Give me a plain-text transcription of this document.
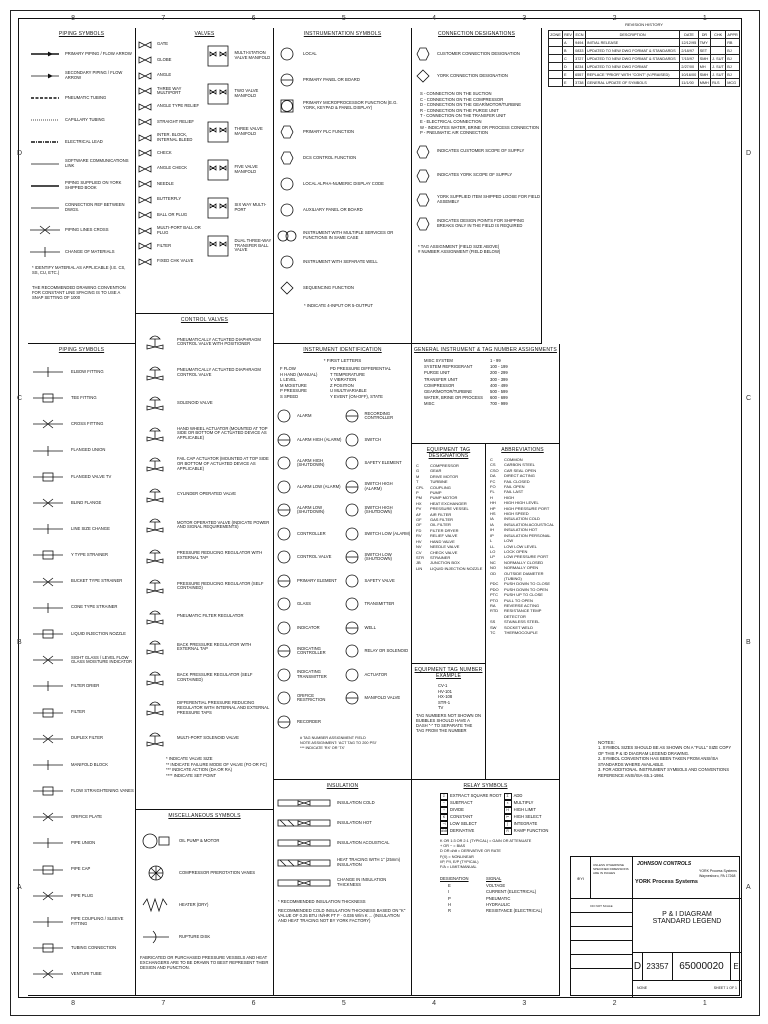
8
8
7
7
6
6
5
5
4
4
3
3
2
2
1
1
D	D
C	C
B	B
A	A
PIPING SYMBOLS
PRIMARY PIPING / FLOW ARROW
SECONDARY PIPING / FLOW ARROW
PNEUMATIC TUBING
CAPILLARY TUBING
ELECTRICAL LEAD
SOFTWARE COMMUNICATIONS LINK
PIPING SUPPLIED ON YORK SHIPPED BOOK
CONNECTION REF BETWEEN DWGS.
PIPING LINES CROSS
CHANGE OF MATERIALS
* IDENTIFY MATERIAL AS APPLICABLE (I.E. CS, SS, CU, ETC.)
THE RECOMMENDED DRAWING CONVENTION FOR CONSTANT LINE SPACING IS TO USE A SNAP SETTING OF 1000
VALVES
GATE
GLOBE
ANGLE
THREE WAY MULTIPORT
ANGLE TYPE RELIEF
STRAIGHT RELIEF
INTER. BLOCK, INTERNAL BLEED
CHECK
ANGLE CHECK
NEEDLE
BUTTERFLY
BALL OR PLUG
MULTI-PORT BALL OR PLUG
FILTER
FIXED CHK VALVE
MULTI-STATION VALVE MANIFOLD
TWO VALVE MANIFOLD
THREE VALVE MANIFOLD
FIVE VALVE MANIFOLD
SIX WAY MULTI-PORT
DUAL THREE-WAY TRANSFER BALL VALVE
INSTRUMENTATION SYMBOLS
LOCAL
PRIMARY PANEL OR BOARD
PRIMARY MICROPROCESSOR FUNCTION (E.G. YORK, KEYPAD & PANEL DISPLAY)
PRIMARY PLC FUNCTION
DCS CONTROL FUNCTION
LOCAL ALPHA-NUMERIC DISPLAY CODE
AUXILIARY PANEL OR BOARD
INSTRUMENT WITH MULTIPLE SERVICES OR FUNCTIONS IN SAME CASE
INSTRUMENT WITH SEPARATE WELL
SEQUENCING FUNCTION
* INDICATE 4-INPUT OR 5-OUTPUT
CONNECTION DESIGNATIONS
CUSTOMER CONNECTION DESIGNATION
YORK CONNECTION DESIGNATION
S - CONNECTION ON THE SUCTION
C - CONNECTION ON THE COMPRESSOR
D - CONNECTION ON THE GEAR/MOTOR/TURBINE
R - CONNECTION ON THE PURGE UNIT
T - CONNECTION ON THE TRANSFER UNIT
E - ELECTRICAL CONNECTION
W - INDICATES WATER, BRINE OR PROCESS CONNECTION
P - PNEUMATIC AIR CONNECTION
INDICATES CUSTOMER SCOPE OF SUPPLY
INDICATES YORK SCOPE OF SUPPLY
YORK SUPPLIED ITEM SHIPPED LOOSE FOR FIELD ASSEMBLY
INDICATES DESIGN POINTS FOR SHIPPING BREAKS ONLY IN THE FIELD IS REQUIRED
* TAG ASSIGNMENT (FIELD SIZE ABOVE)
# NUMBER ASSIGNMENT (FIELD BELOW)
REVISION HISTORY
ZONE	REV	ECN	DESCRIPTION	DATE	DR	CHK	APPR
	A	9494	INITIAL RELEASE	12/12/95	TMY		RB
	B	0833	UPDATED TO NEW DWG FORMAT & STANDARDS	2/18/97	SET		BJ
	C	3727	UPDATED TO NEW DWG FORMAT & STANDARDS	7/15/97	SMH	J. SUT	BJ
	D	8234	UPDATED TO NEW DWG FORMAT	2/27/00	MH	J. SUT	BJ
	E	6557	REPLACE "PRIOR" WITH "CONT" (V-PRAISED)	10/16/00	SMH	J. SUT	BJ
	E	3738	GENERAL UPDATE OF SYMBOLS	11/1/00	MMH	RLS	MCG
CONTROL VALVES
PNEUMATICALLY ACTUATED DIAPHRAGM CONTROL VALVE WITH POSITIONER
PNEUMATICALLY ACTUATED DIAPHRAGM CONTROL VALVE
SOLENOID VALVE
HAND WHEEL ACTUATOR (MOUNTED AT TOP SIDE OR BOTTOM OF ACTUATED DEVICE AS APPLICABLE)
FAIL CAP ACTUATOR (MOUNTED AT TOP SIDE OR BOTTOM OF ACTUATED DEVICE AS APPLICABLE)
CYLINDER OPERATED VALVE
MOTOR OPERATED VALVE (INDICATE POWER AND SIGNAL REQUIREMENTS)
PRESSURE REDUCING REGULATOR WITH EXTERNAL TAP
PRESSURE REDUCING REGULATOR (SELF CONTAINED)
PNEUMATIC FILTER REGULATOR
BACK PRESSURE REGULATOR WITH EXTERNAL TAP
BACK PRESSURE REGULATOR (SELF CONTAINED)
DIFFERENTIAL PRESSURE REDUCING REGULATOR WITH INTERNAL AND EXTERNAL PRESSURE TAPS
MULTI-PORT SOLENOID VALVE
* INDICATE VALVE SIZE
** INDICATE FAILURE MODE OF VALVE (FO OR FC)
*** INDICATE ACTION (DA OR RA)
**** INDICATE SET POINT
PIPING SYMBOLS
ELBOW FITTING
TEE FITTING
CROSS FITTING
FLANGED UNION
FLANGED VALVE TV
BLIND FLANGE
LINE SIZE CHANGE
Y TYPE STRAINER
BUCKET TYPE STRAINER
CONE TYPE STRAINER
LIQUID INJECTION NOZZLE
SIGHT GLASS / LEVEL FLOW GLASS MOISTURE INDICATOR
FILTER DRIER
FILTER
DUPLEX FILTER
MANIFOLD BLOCK
FLOW STRAIGHTENING VANES
ORIFICE PLATE
PIPE UNION
PIPE CAP
PIPE PLUG
PIPE COUPLING / SLEEVE FITTING
TUBING CONNECTION
VENTURI TUBE
MISCELLANEOUS SYMBOLS
OIL PUMP & MOTOR
COMPRESSOR PREROTATION VANES
HEATER (DRY)
RUPTURE DISK
FABRICATED OR PURCHASED PRESSURE VESSELS AND HEAT EXCHANGERS ARE TO BE DRAWN TO BEST REPRESENT THEIR DESIGN AND FUNCTION.
INSTRUMENT IDENTIFICATION
* FIRST LETTERS
F FLOW
H HAND (MANUAL)
L LEVEL
M MOISTURE
P PRESSURE
S SPEED
PD PRESSURE DIFFERENTIAL
T TEMPERATURE
V VIBRATION
Z POSITION
U MULTIVARIABLE
Y EVENT (ON-OFF), STATE
ALARM
ALARM HIGH (ALARM)
ALARM HIGH (SHUTDOWN)
ALARM LOW (ALARM)
ALARM LOW (SHUTDOWN)
CONTROLLER
CONTROL VALVE
PRIMARY ELEMENT
GLASS
INDICATOR
INDICATING CONTROLLER
INDICATING TRANSMITTER
ORIFICE RESTRICTION
RECORDER
RECORDING CONTROLLER
SWITCH
SAFETY ELEMENT
SWITCH HIGH (ALARM)
SWITCH HIGH (SHUTDOWN)
SWITCH LOW (ALARM)
SWITCH LOW (SHUTDOWN)
SAFETY VALVE
TRANSMITTER
WELL
RELAY OR SOLENOID
ACTUATOR
MANIFOLD VALVE
# TAG NUMBER ASSIGNMENT FIELD
NOTE ASSIGNMENT: 'ACT TAG TO 200 PSI'
*** INDICATE 'RX' OR 'TX'
GENERAL INSTRUMENT & TAG NUMBER ASSIGNMENTS
MISC SYSTEM	1 - 99
SYSTEM REFRIGERANT	100 - 199
PURGE UNIT	200 - 299
TRANSFER UNIT	300 - 399
COMPRESSOR	400 - 499
GEAR/MOTOR/TURBINE	500 - 599
WATER, BRINE OR PROCESS	600 - 699
MISC	700 - 999
EQUIPMENT TAG DESIGNATIONS
C	COMPRESSOR
G	GEAR
M	DRIVE MOTOR
T	TURBINE
CPL	COUPLING
P	PUMP
PM	PUMP MOTOR
HX	HEAT EXCHANGER
PV	PRESSURE VESSEL
AF	AIR FILTER
GF	GAS FILTER
OF	OIL FILTER
FD	FILTER DRYER
RV	RELIEF VALVE
HV	HAND VALVE
NV	NEEDLE VALVE
CV	CHECK VALVE
STR	STRAINER
JB	JUNCTION BOX
LIN	LIQUID INJECTION NOZZLE
ABBREVIATIONS
C	COMMON
CS	CARBON STEEL
CSO	CAR SEAL OPEN
DA	DIRECT ACTING
FC	FAIL CLOSED
FO	FAIL OPEN
FL	FAIL LAST
H	HIGH
HH	HIGH HIGH LEVEL
HP	HIGH PRESSURE PORT
HS	HIGH SPEED
IA	INSULATION COLD
IA	INSULATION ACOUSTICAL
IH	INSULATION HOT
IP	INSULATION PERSONAL
L	LOW
LL	LOW LOW LEVEL
LO	LOCK OPEN
LP	LOW PRESSURE PORT
NC	NORMALLY CLOSED
NO	NORMALLY OPEN
OD	OUTSIDE DIAMETER (TUBING)
PDC	PUSH DOWN TO CLOSE
PDO	PUSH DOWN TO OPEN
PTC	PUSH UP TO CLOSE
PTO	PULL TO OPEN
RA	REVERSE ACTING
RTD	RESISTANCE TEMP DETECTOR
SS	STAINLESS STEEL
SW	SOCKET WELD
TC	THERMOCOUPLE
EQUIPMENT TAG NUMBER EXAMPLE
CV-1
HV-101
HX-108
STR-1
TV
TAG NUMBERS NOT SHOWN ON BUBBLES SHOULD HAVE A DASH "-" TO SEPARATE THE TAG FROM THE NUMBER
INSULATION
INSULATION COLD
INSULATION HOT
INSULATION ACOUSTICAL
HEAT TRACING WITH 1" (25mm) INSULATION
CHANGE IN INSULATION THICKNESS
* RECOMMENDED INSULATION THICKNESS
RECOMMENDED COLD INSULATION THICKNESS BASED ON "K" VALUE OF 0.25 BTU IN/HR FT F · 0.036 W/m K ... (INSULATION AND HEAT TRACING NOT BY YORK FACTORY)
RELAY SYMBOLS
Σ EXTRACT SQUARE ROOT	Σ ADD
− SUBTRACT	× MULTIPLY
÷ DIVIDE	H HIGH LIMIT
K CONSTANT	⊢ HIGH SELECT
⊣ LOW SELECT	∫ INTEGRATE
d/dt DERIVATIVE	R RAMP FUNCTION
K OR 1:3 OR 2:1 (TYPICAL) = GAIN OR ATTENUATE
+ OR − = BIAS
D OR d/dt = DERIVATIVE OR RATE
F(X) = NONLINEAR
I/P, P/I, E/P (TYPICAL)
F/A = LIMIT/MANUAL
DESIGNATION	SIGNAL
E	VOLTAGE
I	CURRENT (ELECTRICAL)
P	PNEUMATIC
H	HYDRAULIC
R	RESISTANCE (ELECTRICAL)
NOTES:
1. SYMBOL SIZES SHOULD BE AS SHOWN ON A "FULL" SIZE COPY OF THIS P & ID DIAGRAM LEGEND DRAWING.
2. SYMBOL CONVENTION HAS BEEN TAKEN FROM ANSI/ISA STANDARDS WHERE AVAILABLE.
3. FOR ADDITIONAL INSTRUMENT SYMBOLS AND CONVENTIONS REFERENCE ANSI/ISA-S5.1-1984.
⊕YI
UNLESS OTHERWISE SPECIFIED DIMENSIONS ARE IN INCHES
JOHNSON CONTROLS
YORK Process Systems
YORK Process Systems
Waynesboro, PA 17268
DO NOT SCALE
P & I DIAGRAM
STANDARD LEGEND
D 23357	65000020	E
NONE	SHEET 1 OF 1
